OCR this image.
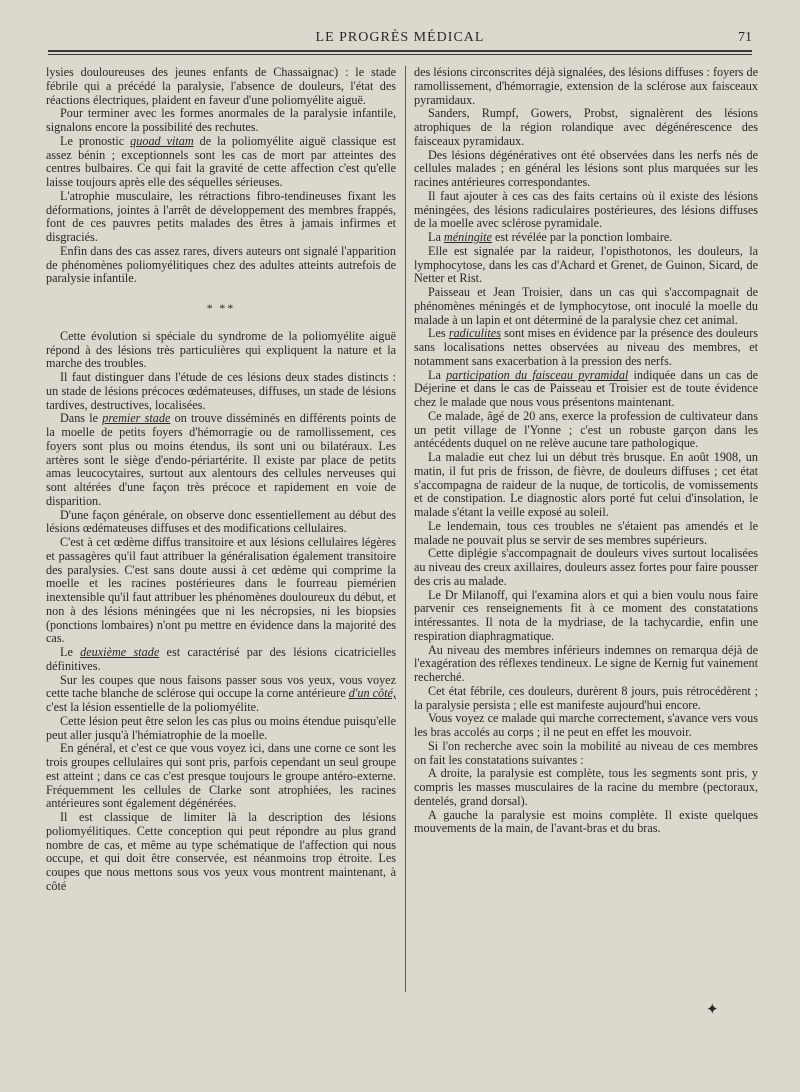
LE PROGRÈS MÉDICAL	71

lysies douloureuses des jeunes enfants de Chassaignac) : le stade fébrile qui a précédé la paralysie, l'absence de douleurs, l'état des réactions électriques, plaident en faveur d'une poliomyélite aiguë.

Pour terminer avec les formes anormales de la paralysie infantile, signalons encore la possibilité des rechutes.

Le pronostic quoad vitam de la poliomyélite aiguë classique est assez bénin ; exceptionnels sont les cas de mort par atteintes des centres bulbaires. Ce qui fait la gravité de cette affection c'est qu'elle laisse toujours après elle des séquelles sérieuses.

L'atrophie musculaire, les rétractions fibro-tendineuses fixant les déformations, jointes à l'arrêt de développement des membres frappés, font de ces pauvres petits malades des êtres à jamais infirmes et disgraciés.

Enfin dans des cas assez rares, divers auteurs ont signalé l'apparition de phénomènes poliomyélitiques chez des adultes atteints autrefois de paralysie infantile.

* **

Cette évolution si spéciale du syndrome de la poliomyélite aiguë répond à des lésions très particulières qui expliquent la nature et la marche des troubles.

Il faut distinguer dans l'étude de ces lésions deux stades distincts : un stade de lésions précoces œdémateuses, diffuses, un stade de lésions tardives, destructives, localisées.

Dans le premier stade on trouve disséminés en différents points de la moelle de petits foyers d'hémorragie ou de ramollissement, ces foyers sont plus ou moins étendus, ils sont uni ou bilatéraux. Les artères sont le siège d'endo-périartérite. Il existe par place de petits amas leucocytaires, surtout aux alentours des cellules nerveuses qui sont altérées d'une façon très précoce et rapidement en voie de disparition.

D'une façon générale, on observe donc essentiellement au début des lésions œdémateuses diffuses et des modifications cellulaires.

C'est à cet œdème diffus transitoire et aux lésions cellulaires légères et passagères qu'il faut attribuer la généralisation également transitoire des paralysies. C'est sans doute aussi à cet œdème qui comprime la moelle et les racines postérieures dans le fourreau piemérien inextensible qu'il faut attribuer les phénomènes douloureux du début, et non à des lésions méningées que ni les nécropsies, ni les biopsies (ponctions lombaires) n'ont pu mettre en évidence dans la majorité des cas.

Le deuxième stade est caractérisé par des lésions cicatricielles définitives.

Sur les coupes que nous faisons passer sous vos yeux, vous voyez cette tache blanche de sclérose qui occupe la corne antérieure d'un côté, c'est la lésion essentielle de la poliomyélite.

Cette lésion peut être selon les cas plus ou moins étendue puisqu'elle peut aller jusqu'à l'hémiatrophie de la moelle.

En général, et c'est ce que vous voyez ici, dans une corne ce sont les trois groupes cellulaires qui sont pris, parfois cependant un seul groupe est atteint ; dans ce cas c'est presque toujours le groupe antéro-externe. Fréquemment les cellules de Clarke sont atrophiées, les racines antérieures sont également dégénérées.

Il est classique de limiter là la description des lésions poliomyélitiques. Cette conception qui peut répondre au plus grand nombre de cas, et même au type schématique de l'affection qui nous occupe, et qui doit être conservée, est néanmoins trop étroite. Les coupes que nous mettons sous vos yeux vous montrent maintenant, à côté

des lésions circonscrites déjà signalées, des lésions diffuses : foyers de ramollissement, d'hémorragie, extension de la sclérose aux faisceaux pyramidaux.

Sanders, Rumpf, Gowers, Probst, signalèrent des lésions atrophiques de la région rolandique avec dégénérescence des faisceaux pyramidaux.

Des lésions dégénératives ont été observées dans les nerfs nés de cellules malades ; en général les lésions sont plus marquées sur les racines antérieures correspondantes.

Il faut ajouter à ces cas des faits certains où il existe des lésions méningées, des lésions radiculaires postérieures, des lésions diffuses de la moelle avec sclérose pyramidale.

La méningite est révélée par la ponction lombaire.

Elle est signalée par la raideur, l'opisthotonos, les douleurs, la lymphocytose, dans les cas d'Achard et Grenet, de Guinon, Sicard, de Netter et Rist.

Paisseau et Jean Troisier, dans un cas qui s'accompagnait de phénomènes méningés et de lymphocytose, ont inoculé la moelle du malade à un lapin et ont déterminé de la paralysie chez cet animal.

Les radiculites sont mises en évidence par la présence des douleurs sans localisations nettes observées au niveau des membres, et notamment sans exacerbation à la pression des nerfs.

La participation du faisceau pyramidal indiquée dans un cas de Déjerine et dans le cas de Paisseau et Troisier est de toute évidence chez le malade que nous vous présentons maintenant.

Ce malade, âgé de 20 ans, exerce la profession de cultivateur dans un petit village de l'Yonne ; c'est un robuste garçon dans les antécédents duquel on ne relève aucune tare pathologique.

La maladie eut chez lui un début très brusque. En août 1908, un matin, il fut pris de frisson, de fièvre, de douleurs diffuses ; cet état s'accompagna de raideur de la nuque, de torticolis, de vomissements et de constipation. Le diagnostic alors porté fut celui d'insolation, le malade s'étant la veille exposé au soleil.

Le lendemain, tous ces troubles ne s'étaient pas amendés et le malade ne pouvait plus se servir de ses membres supérieurs.

Cette diplégie s'accompagnait de douleurs vives surtout localisées au niveau des creux axillaires, douleurs assez fortes pour faire pousser des cris au malade.

Le Dr Milanoff, qui l'examina alors et qui a bien voulu nous faire parvenir ces renseignements fit à ce moment des constatations intéressantes. Il nota de la mydriase, de la tachycardie, enfin une respiration diaphragmatique.

Au niveau des membres inférieurs indemnes on remarqua déjà de l'exagération des réflexes tendineux. Le signe de Kernig fut vainement recherché.

Cet état fébrile, ces douleurs, durèrent 8 jours, puis rétrocédèrent ; la paralysie persista ; elle est manifeste aujourd'hui encore.

Vous voyez ce malade qui marche correctement, s'avance vers vous les bras accolés au corps ; il ne peut en effet les mouvoir.

Si l'on recherche avec soin la mobilité au niveau de ces membres on fait les constatations suivantes :

A droite, la paralysie est complète, tous les segments sont pris, y compris les masses musculaires de la racine du membre (pectoraux, dentelés, grand dorsal).

A gauche la paralysie est moins complète. Il existe quelques mouvements de la main, de l'avant-bras et du bras.

✦
